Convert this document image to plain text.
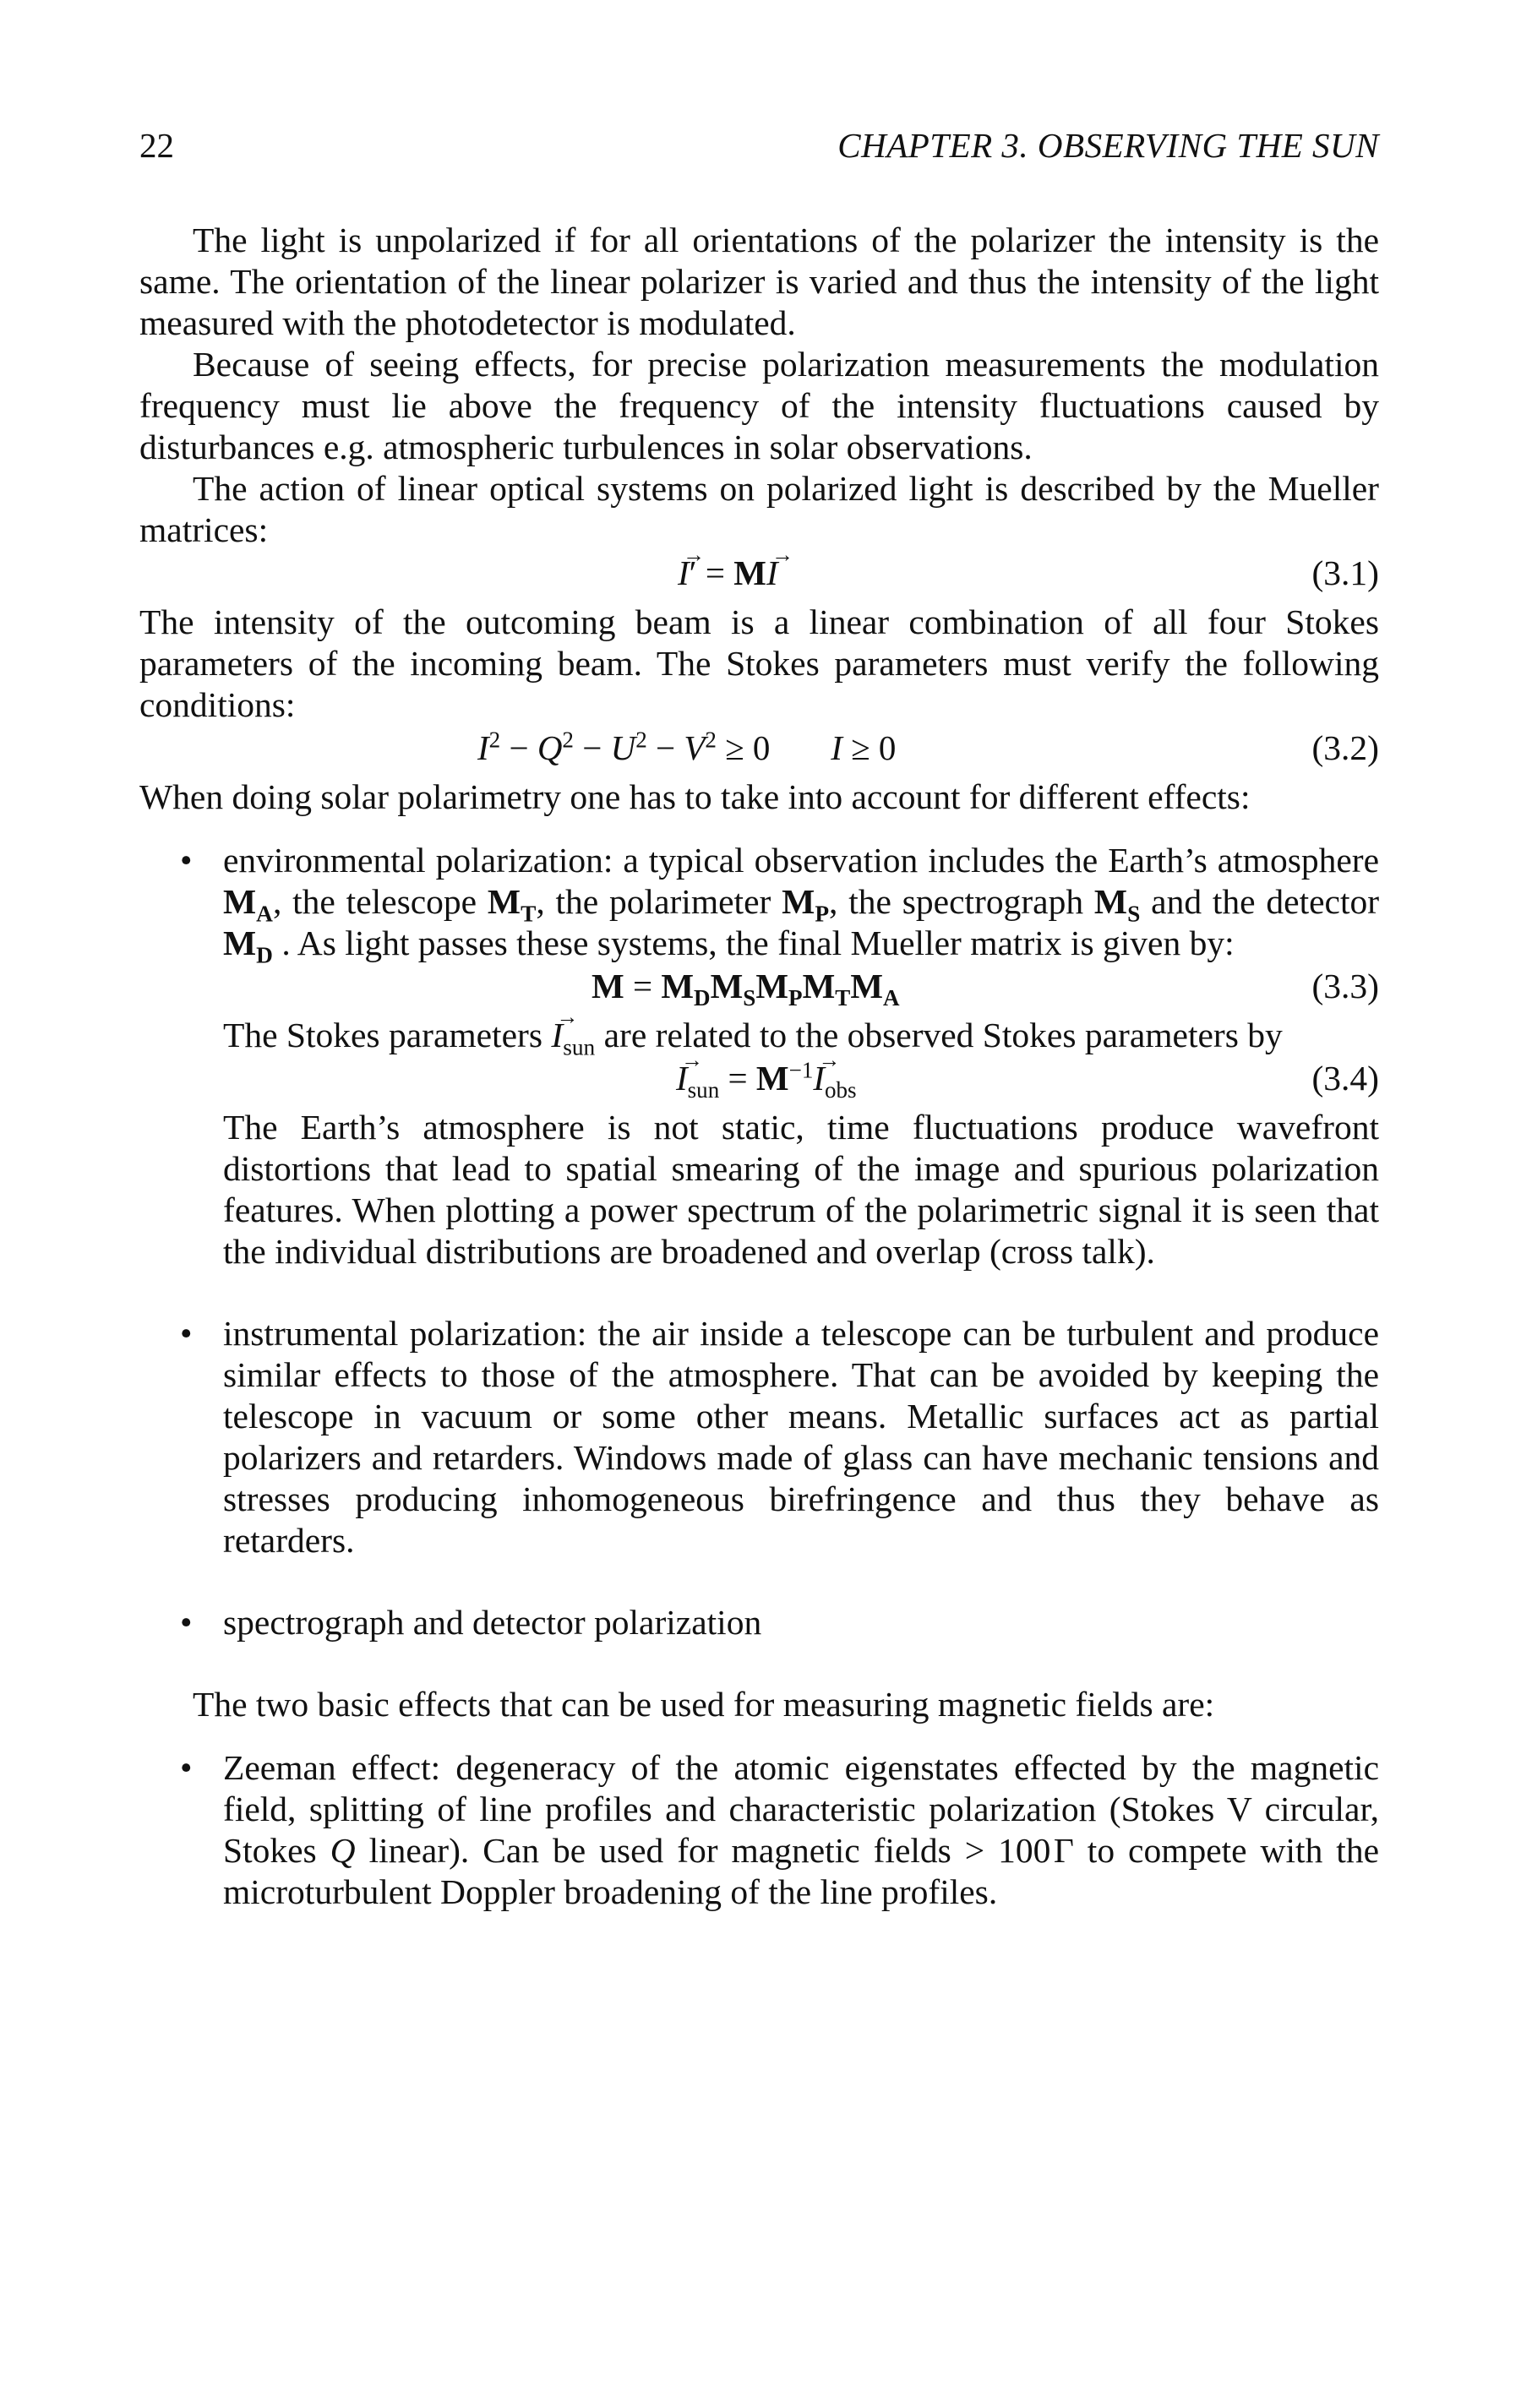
22	CHAPTER 3. OBSERVING THE SUN

The light is unpolarized if for all orientations of the polarizer the intensity is the same. The orientation of the linear polarizer is varied and thus the intensity of the light measured with the photodetector is modulated.

Because of seeing effects, for precise polarization measurements the modulation frequency must lie above the frequency of the intensity fluctuations caused by disturbances e.g. atmospheric turbulences in solar observations.

The action of linear optical systems on polarized light is described by the Mueller matrices:

→ I′ = M→ I	(3.1)

The intensity of the outcoming beam is a linear combination of all four Stokes parameters of the incoming beam. The Stokes parameters must verify the following conditions:

$I^2 - Q^2 - U^2 - V^2 \ge 0$       I ≥ 0	(3.2)

When doing solar polarimetry one has to take into account for different effects:

• environmental polarization: a typical observation includes the Earth’s atmosphere $M_A$, the telescope $M_T$, the polarimeter $M_P$, the spectrograph $M_S$ and the detector $M_D$ . As light passes these systems, the final Mueller matrix is given by:

$M = M_DM_SM_PM_TM_A$	(3.3)

The Stokes parameters → $I_{sun}$ are related to the observed Stokes parameters by

→ $I_{sun} = M^{-1}\to I_{obs}$	(3.4)

The Earth’s atmosphere is not static, time fluctuations produce wavefront distortions that lead to spatial smearing of the image and spurious polarization features. When plotting a power spectrum of the polarimetric signal it is seen that the individual distributions are broadened and overlap (cross talk).

• instrumental polarization: the air inside a telescope can be turbulent and produce similar effects to those of the atmosphere. That can be avoided by keeping the telescope in vacuum or some other means. Metallic surfaces act as partial polarizers and retarders. Windows made of glass can have mechanic tensions and stresses producing inhomogeneous birefringence and thus they behave as retarders.

• spectrograph and detector polarization

The two basic effects that can be used for measuring magnetic fields are:

• Zeeman effect: degeneracy of the atomic eigenstates effected by the magnetic field, splitting of line profiles and characteristic polarization (Stokes V circular, Stokes Q linear). Can be used for magnetic fields > 100 Γ to compete with the microturbulent Doppler broadening of the line profiles.
